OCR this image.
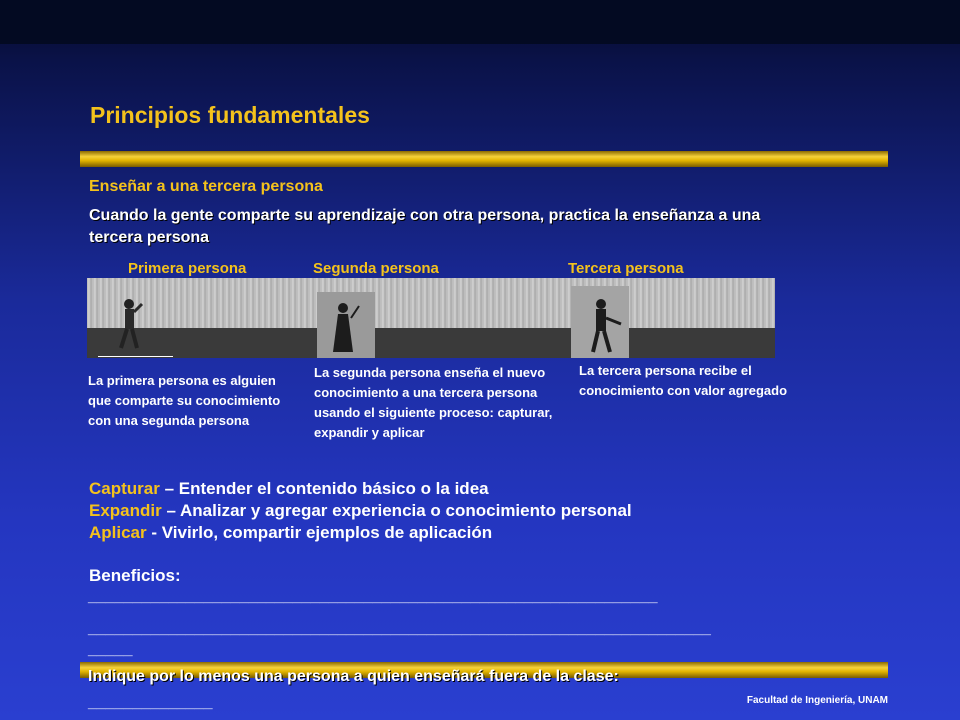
Principios fundamentales
Enseñar a una tercera persona
Cuando la gente comparte su aprendizaje con otra persona, practica la enseñanza a una tercera persona
Primera persona	Segunda persona	Tercera persona
La primera persona es alguien que comparte su conocimiento con una segunda persona
La segunda persona enseña el nuevo conocimiento a una tercera persona usando el siguiente proceso: capturar, expandir y aplicar
La tercera persona recibe el conocimiento con valor agregado
Capturar – Entender el contenido básico o la idea
Expandir – Analizar y agregar experiencia o conocimiento personal
Aplicar - Vivirlo, compartir ejemplos de aplicación
Beneficios:
________________________________________________________________
______________________________________________________________________
_____
Indique por lo menos una persona a quien enseñará fuera de la clase:
______________	Facultad de Ingeniería, UNAM
